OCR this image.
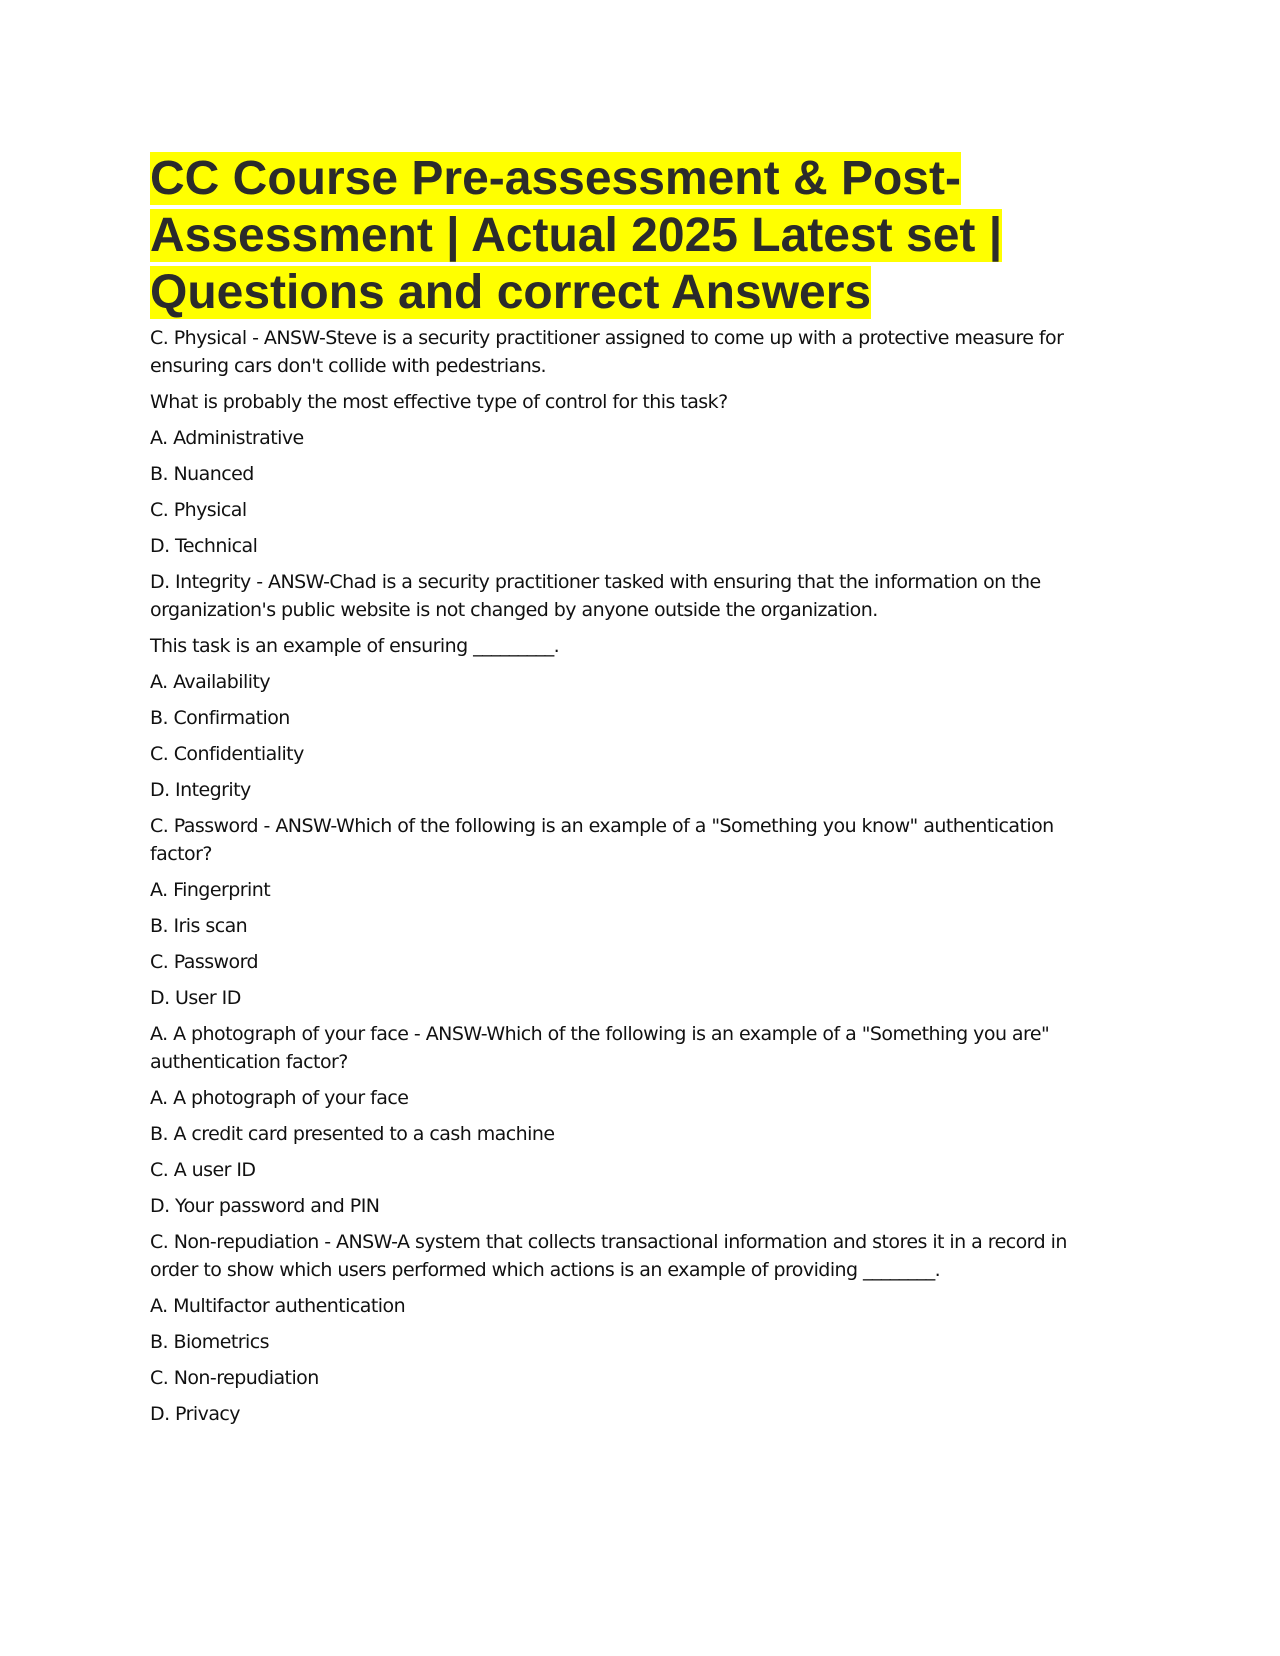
CC Course Pre-assessment & Post-Assessment | Actual 2025 Latest set | Questions and correct Answers

C. Physical - ANSW-Steve is a security practitioner assigned to come up with a protective measure for ensuring cars don't collide with pedestrians.

What is probably the most effective type of control for this task?

A. Administrative

B. Nuanced

C. Physical

D. Technical

D. Integrity - ANSW-Chad is a security practitioner tasked with ensuring that the information on the organization's public website is not changed by anyone outside the organization.

This task is an example of ensuring _________.

A. Availability

B. Confirmation

C. Confidentiality

D. Integrity

C. Password - ANSW-Which of the following is an example of a "Something you know" authentication factor?

A. Fingerprint

B. Iris scan

C. Password

D. User ID

A. A photograph of your face - ANSW-Which of the following is an example of a "Something you are" authentication factor?

A. A photograph of your face

B. A credit card presented to a cash machine

C. A user ID

D. Your password and PIN

C. Non-repudiation - ANSW-A system that collects transactional information and stores it in a record in order to show which users performed which actions is an example of providing ________.

A. Multifactor authentication

B. Biometrics

C. Non-repudiation

D. Privacy
